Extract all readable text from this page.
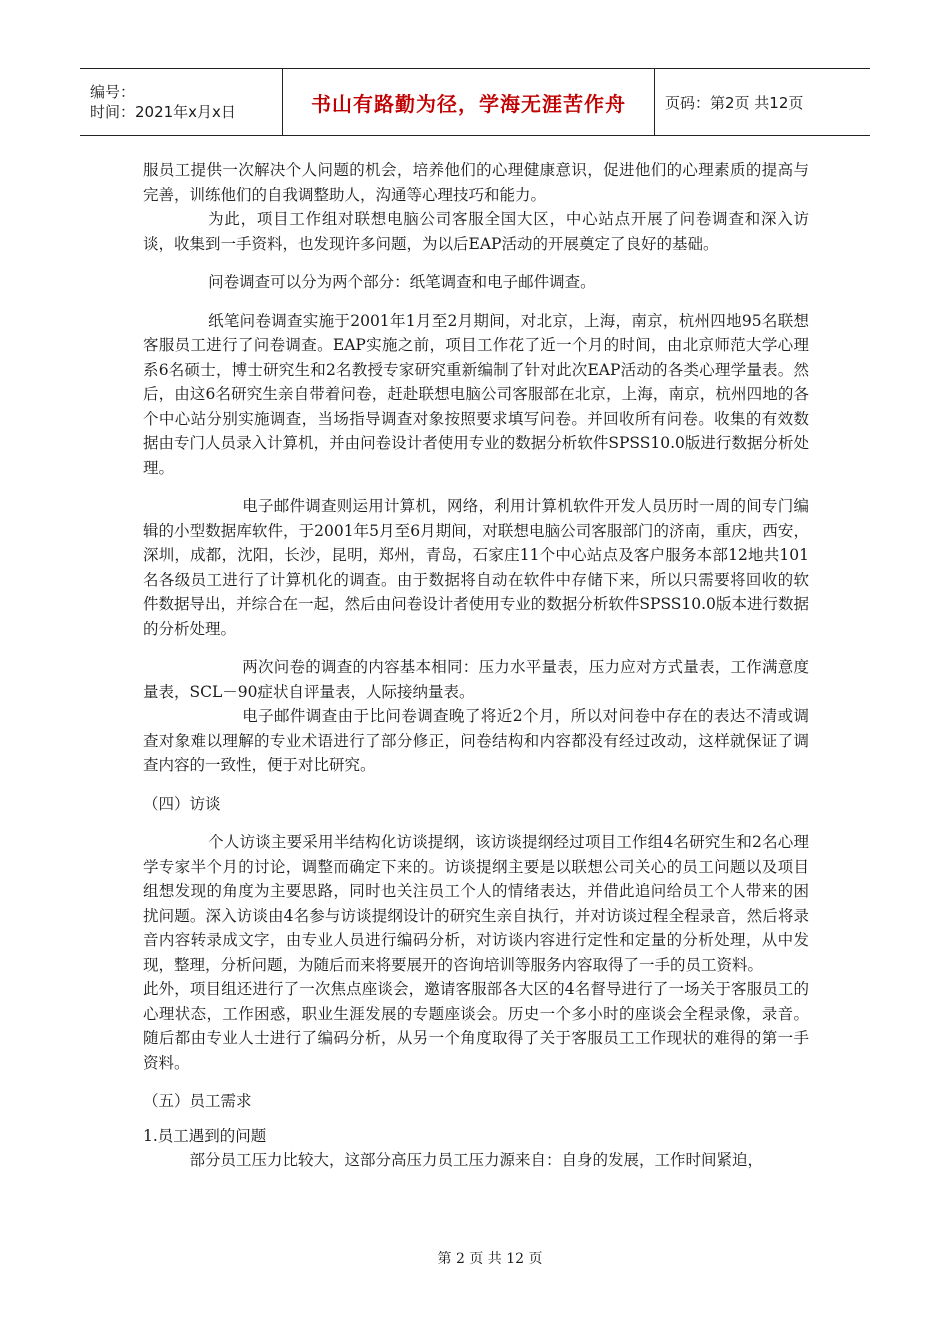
编号：
时间：2021年x月x日	书山有路勤为径，学海无涯苦作舟	页码：第2页 共12页

服员工提供一次解决个人问题的机会，培养他们的心理健康意识，促进他们的心理素质的提高与完善，训练他们的自我调整助人，沟通等心理技巧和能力。

为此，项目工作组对联想电脑公司客服全国大区，中心站点开展了问卷调查和深入访谈，收集到一手资料，也发现许多问题，为以后EAP活动的开展奠定了良好的基础。

问卷调查可以分为两个部分：纸笔调查和电子邮件调查。

纸笔问卷调查实施于2001年1月至2月期间，对北京，上海，南京，杭州四地95名联想客服员工进行了问卷调查。EAP实施之前，项目工作花了近一个月的时间，由北京师范大学心理系6名硕士，博士研究生和2名教授专家研究重新编制了针对此次EAP活动的各类心理学量表。然后，由这6名研究生亲自带着问卷，赶赴联想电脑公司客服部在北京，上海，南京，杭州四地的各个中心站分别实施调查，当场指导调查对象按照要求填写问卷。并回收所有问卷。收集的有效数据由专门人员录入计算机，并由问卷设计者使用专业的数据分析软件SPSS10.0版进行数据分析处理。

电子邮件调查则运用计算机，网络，利用计算机软件开发人员历时一周的间专门编辑的小型数据库软件，于2001年5月至6月期间，对联想电脑公司客服部门的济南，重庆，西安，深圳，成都，沈阳，长沙，昆明，郑州，青岛，石家庄11个中心站点及客户服务本部12地共101名各级员工进行了计算机化的调查。由于数据将自动在软件中存储下来，所以只需要将回收的软件数据导出，并综合在一起，然后由问卷设计者使用专业的数据分析软件SPSS10.0版本进行数据的分析处理。

两次问卷的调查的内容基本相同：压力水平量表，压力应对方式量表，工作满意度量表，SCL－90症状自评量表，人际接纳量表。

电子邮件调查由于比问卷调查晚了将近2个月，所以对问卷中存在的表达不清或调查对象难以理解的专业术语进行了部分修正，问卷结构和内容都没有经过改动，这样就保证了调查内容的一致性，便于对比研究。

（四）访谈

个人访谈主要采用半结构化访谈提纲，该访谈提纲经过项目工作组4名研究生和2名心理学专家半个月的讨论，调整而确定下来的。访谈提纲主要是以联想公司关心的员工问题以及项目组想发现的角度为主要思路，同时也关注员工个人的情绪表达，并借此追问给员工个人带来的困扰问题。深入访谈由4名参与访谈提纲设计的研究生亲自执行，并对访谈过程全程录音，然后将录音内容转录成文字，由专业人员进行编码分析，对访谈内容进行定性和定量的分析处理，从中发现，整理，分析问题，为随后而来将要展开的咨询培训等服务内容取得了一手的员工资料。

此外，项目组还进行了一次焦点座谈会，邀请客服部各大区的4名督导进行了一场关于客服员工的心理状态，工作困惑，职业生涯发展的专题座谈会。历史一个多小时的座谈会全程录像，录音。随后都由专业人士进行了编码分析，从另一个角度取得了关于客服员工工作现状的难得的第一手资料。

（五）员工需求

1.员工遇到的问题

部分员工压力比较大，这部分高压力员工压力源来自：自身的发展，工作时间紧迫，

第 2 页 共 12 页
